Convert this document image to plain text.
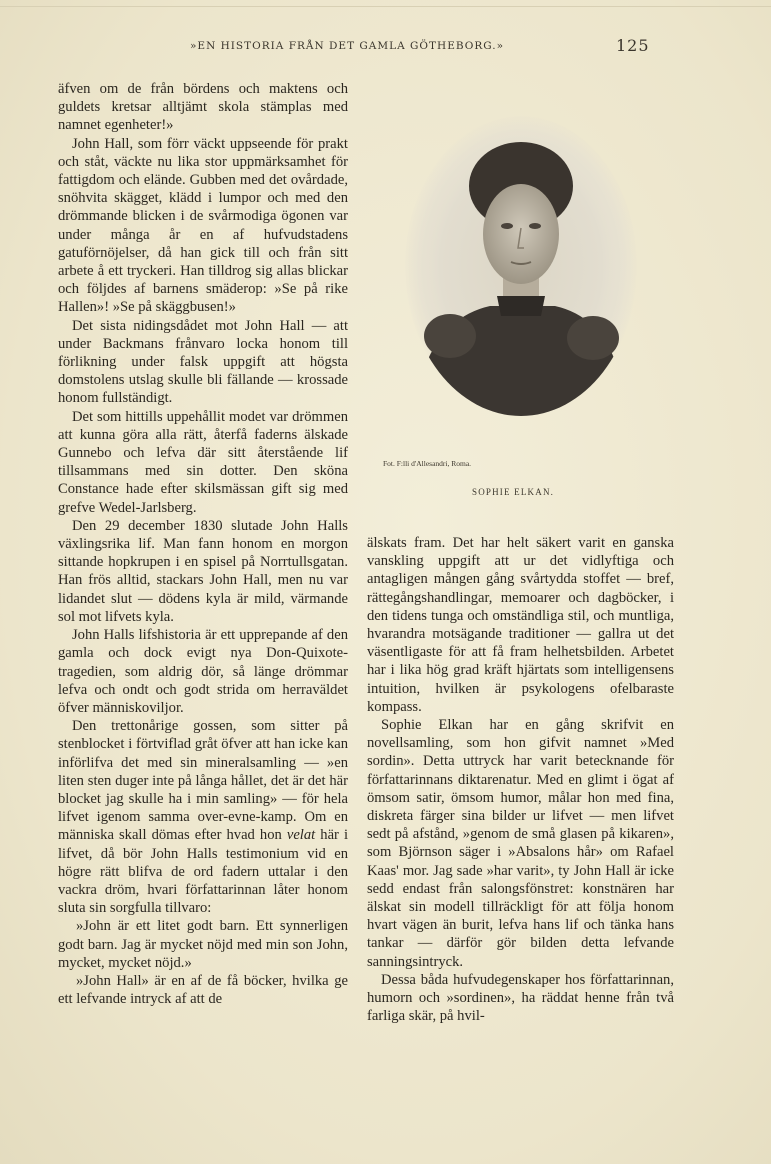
»EN HISTORIA FRÅN DET GAMLA GÖTHEBORG.»	125

äfven om de från bördens och maktens och guldets kretsar alltjämt skola stämplas med namnet egenheter!»

John Hall, som förr väckt uppseende för prakt och ståt, väckte nu lika stor uppmärksamhet för fattigdom och elände. Gubben med det ovårdade, snöhvita skägget, klädd i lumpor och med den drömmande blicken i de svårmodiga ögonen var under många år en af hufvudstadens gatuförnöjelser, då han gick till och från sitt arbete å ett tryckeri. Han tilldrog sig allas blickar och följdes af barnens smäderop: »Se på rike Hallen»! »Se på skäggbusen!»

Det sista nidingsdådet mot John Hall — att under Backmans frånvaro locka honom till förlikning under falsk uppgift att högsta domstolens utslag skulle bli fällande — krossade honom fullständigt.

Det som hittills uppehållit modet var drömmen att kunna göra alla rätt, återfå faderns älskade Gunnebo och lefva där sitt återstående lif tillsammans med sin dotter. Den sköna Constance hade efter skilsmässan gift sig med grefve Wedel-Jarlsberg.

Den 29 december 1830 slutade John Halls växlingsrika lif. Man fann honom en morgon sittande hopkrupen i en spisel på Norrtullsgatan. Han frös alltid, stackars John Hall, men nu var lidandet slut — dödens kyla är mild, värmande sol mot lifvets kyla.

John Halls lifshistoria är ett upprepande af den gamla och dock evigt nya Don-Quixote-tragedien, som aldrig dör, så länge drömmar lefva och ondt och godt strida om herraväldet öfver människoviljor.

Den trettonårige gossen, som sitter på stenblocket i förtviflad gråt öfver att han icke kan införlifva det med sin mineralsamling — »en liten sten duger inte på långa hållet, det är det här blocket jag skulle ha i min samling» — för hela lifvet igenom samma over-evne-kamp. Om en människa skall dömas efter hvad hon velat här i lifvet, då bör John Halls testimonium vid en högre rätt blifva de ord fadern uttalar i den vackra dröm, hvari författarinnan låter honom sluta sin sorgfulla tillvaro:

»John är ett litet godt barn. Ett synnerligen godt barn. Jag är mycket nöjd med min son John, mycket, mycket nöjd.»

»John Hall» är en af de få böcker, hvilka ge ett lefvande intryck af att de

Fot. F:lli d'Allesandri, Roma.
SOPHIE ELKAN.

älskats fram. Det har helt säkert varit en ganska vanskling uppgift att ur det vidlyftiga och antagligen mången gång svårtydda stoffet — bref, rättegångshandlingar, memoarer och dagböcker, i den tidens tunga och omständliga stil, och muntliga, hvarandra motsägande traditioner — gallra ut det väsentligaste för att få fram helhetsbilden. Arbetet har i lika hög grad kräft hjärtats som intelligensens intuition, hvilken är psykologens ofelbaraste kompass.

Sophie Elkan har en gång skrifvit en novellsamling, som hon gifvit namnet »Med sordin». Detta uttryck har varit betecknande för författarinnans diktarenatur. Med en glimt i ögat af ömsom satir, ömsom humor, målar hon med fina, diskreta färger sina bilder ur lifvet — men lifvet sedt på afstånd, »genom de små glasen på kikaren», som Björnson säger i »Absalons hår» om Rafael Kaas' mor. Jag sade »har varit», ty John Hall är icke sedd endast från salongsfönstret: konstnären har älskat sin modell tillräckligt för att följa honom hvart vägen än burit, lefva hans lif och tänka hans tankar — därför gör bilden detta lefvande sanningsintryck.

Dessa båda hufvudegenskaper hos författarinnan, humorn och »sordinen», ha räddat henne från två farliga skär, på hvil-
